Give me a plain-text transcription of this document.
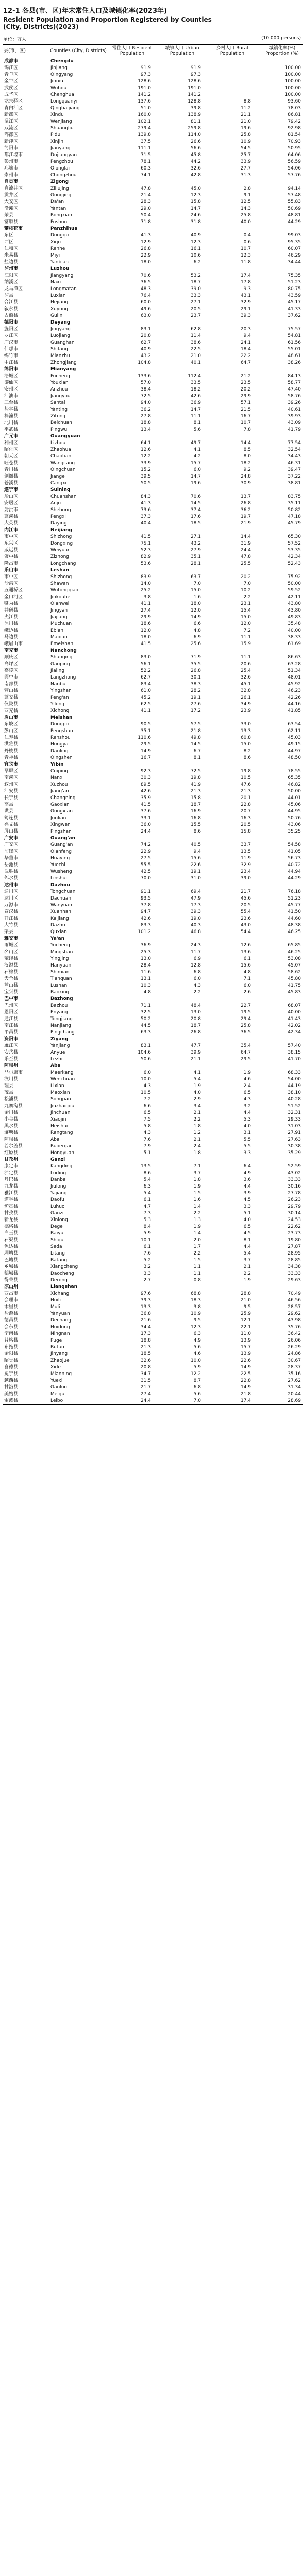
12-1 各县(市、区)年末常住人口及城镇化率(2023年)
Resident Population and Proportion Registered by Counties
(City, Districts)(2023)
单位：万人	(10 000 persons)
县(市、区)	Counties (City, Districts)	常住人口 Resident Population	城镇人口 Urban Population	乡村人口 Rural Population	城镇化率(%) Proportion (%)
成都市	Chengdu				
锦江区	Jinjiang	91.9	91.9		100.00
青羊区	Qingyang	97.3	97.3		100.00
金牛区	Jinniu	128.6	128.6		100.00
武侯区	Wuhou	191.0	191.0		100.00
成华区	Chenghua	141.2	141.2		100.00
龙泉驿区	Longquanyi	137.6	128.8	8.8	93.60
青白江区	Qingbaijiang	51.0	39.8	11.2	78.03
新都区	Xindu	160.0	138.9	21.1	86.81
温江区	Wenjiang	102.1	81.1	21.0	79.42
双流区	Shuangliu	279.4	259.8	19.6	92.98
郫都区	Pidu	139.8	114.0	25.8	81.54
新津区	Xinjin	37.5	26.6	10.9	70.93
简阳市	Jianyang	111.1	56.6	54.5	50.95
都江堰市	Dujiangyan	71.5	45.8	25.7	64.06
彭州市	Pengzhou	78.1	44.2	33.9	56.59
邛崃市	Qionglai	60.3	32.6	27.7	54.06
崇州市	Chongzhou	74.1	42.8	31.3	57.76
自贡市	Zigong				
自流井区	Ziliujing	47.8	45.0	2.8	94.14
贡井区	Gongjing	21.4	12.3	9.1	57.48
大安区	Da'an	28.3	15.8	12.5	55.83
沿滩区	Yantan	29.0	14.7	14.3	50.69
荣县	Rongxian	50.4	24.6	25.8	48.81
富顺县	Fushun	71.8	31.8	40.0	44.29
攀枝花市	Panzhihua				
东区	Dongqu	41.3	40.9	0.4	99.03
西区	Xiqu	12.9	12.3	0.6	95.35
仁和区	Renhe	26.8	16.1	10.7	60.07
米易县	Miyi	22.9	10.6	12.3	46.29
盐边县	Yanbian	18.0	6.2	11.8	34.44
泸州市	Luzhou				
江阳区	Jiangyang	70.6	53.2	17.4	75.35
纳溪区	Naxi	36.5	18.7	17.8	51.23
龙马潭区	Longmatan	48.3	39.0	9.3	80.75
泸县	Luxian	76.4	33.3	43.1	43.59
合江县	Hejiang	60.0	27.1	32.9	45.17
叙永县	Xuyong	49.6	20.5	29.1	41.33
古蔺县	Gulin	63.0	23.7	39.3	37.62
德阳市	Deyang				
旌阳区	Jingyang	83.1	62.8	20.3	75.57
罗江区	Luojiang	20.8	11.4	9.4	54.81
广汉市	Guanghan	62.7	38.6	24.1	61.56
什邡市	Shifang	40.9	22.5	18.4	55.01
绵竹市	Mianzhu	43.2	21.0	22.2	48.61
中江县	Zhongjiang	104.8	40.1	64.7	38.26
绵阳市	Mianyang				
涪城区	Fucheng	133.6	112.4	21.2	84.13
游仙区	Youxian	57.0	33.5	23.5	58.77
安州区	Anzhou	38.4	18.2	20.2	47.40
江油市	Jiangyou	72.5	42.6	29.9	58.76
三台县	Santai	94.0	36.9	57.1	39.26
盐亭县	Yanting	36.2	14.7	21.5	40.61
梓潼县	Zitong	27.8	11.1	16.7	39.93
北川县	Beichuan	18.8	8.1	10.7	43.09
平武县	Pingwu	13.4	5.6	7.8	41.79
广元市	Guangyuan				
利州区	Lizhou	64.1	49.7	14.4	77.54
昭化区	Zhaohua	12.6	4.1	8.5	32.54
朝天区	Chaotian	12.2	4.2	8.0	34.43
旺苍县	Wangcang	33.9	15.7	18.2	46.31
青川县	Qingchuan	15.2	6.0	9.2	39.47
剑阁县	Jiange	39.5	14.7	24.8	37.22
苍溪县	Cangxi	50.5	19.6	30.9	38.81
遂宁市	Suining				
船山区	Chuanshan	84.3	70.6	13.7	83.75
安居区	Anju	41.3	14.5	26.8	35.11
射洪市	Shehong	73.6	37.4	36.2	50.82
蓬溪县	Pengxi	37.3	17.6	19.7	47.18
大英县	Daying	40.4	18.5	21.9	45.79
内江市	Neijiang				
市中区	Shizhong	41.5	27.1	14.4	65.30
东兴区	Dongxing	75.1	43.2	31.9	57.52
威远县	Weiyuan	52.3	27.9	24.4	53.35
资中县	Zizhong	82.9	35.1	47.8	42.34
隆昌市	Longchang	53.6	28.1	25.5	52.43
乐山市	Leshan				
市中区	Shizhong	83.9	63.7	20.2	75.92
沙湾区	Shawan	14.0	7.0	7.0	50.00
五通桥区	Wutongqiao	25.2	15.0	10.2	59.52
金口河区	Jinkouhe	3.8	1.6	2.2	42.11
犍为县	Qianwei	41.1	18.0	23.1	43.80
井研县	Jingyan	27.4	12.0	15.4	43.80
夹江县	Jiajiang	29.9	14.9	15.0	49.83
沐川县	Muchuan	18.6	6.6	12.0	35.48
峨边县	Ebian	12.0	4.8	7.2	40.00
马边县	Mabian	18.0	6.9	11.1	38.33
峨眉山市	Emeishan	41.5	25.6	15.9	61.69
南充市	Nanchong				
顺庆区	Shunqing	83.0	71.9	11.1	86.63
高坪区	Gaoping	56.1	35.5	20.6	63.28
嘉陵区	Jialing	52.2	26.8	25.4	51.34
阆中市	Langzhong	62.7	30.1	32.6	48.01
南部县	Nanbu	83.4	38.3	45.1	45.92
营山县	Yingshan	61.0	28.2	32.8	46.23
蓬安县	Peng'an	45.2	19.1	26.1	42.26
仪陇县	Yilong	62.5	27.6	34.9	44.16
西充县	Xichong	41.1	17.2	23.9	41.85
眉山市	Meishan				
东坡区	Dongpo	90.5	57.5	33.0	63.54
彭山区	Pengshan	35.1	21.8	13.3	62.11
仁寿县	Renshou	110.6	49.8	60.8	45.03
洪雅县	Hongya	29.5	14.5	15.0	49.15
丹棱县	Danling	14.9	6.7	8.2	44.97
青神县	Qingshen	16.7	8.1	8.6	48.50
宜宾市	Yibin				
翠屏区	Cuiping	92.3	72.5	19.8	78.55
南溪区	Nanxi	30.3	19.8	10.5	65.35
叙州区	Xuzhou	89.5	41.9	47.6	46.82
江安县	Jiang'an	42.6	21.3	21.3	50.00
长宁县	Changning	35.9	15.8	20.1	44.01
高县	Gaoxian	41.5	18.7	22.8	45.06
珙县	Gongxian	37.6	16.9	20.7	44.95
筠连县	Junlian	33.1	16.8	16.3	50.76
兴文县	Xingwen	36.0	15.5	20.5	43.06
屏山县	Pingshan	24.4	8.6	15.8	35.25
广安市	Guang'an				
广安区	Guang'an	74.2	40.5	33.7	54.58
前锋区	Qianfeng	22.9	9.4	13.5	41.05
华蓥市	Huaying	27.5	15.6	11.9	56.73
岳池县	Yuechi	55.5	22.6	32.9	40.72
武胜县	Wusheng	42.5	19.1	23.4	44.94
邻水县	Linshui	70.0	31.0	39.0	44.29
达州市	Dazhou				
通川区	Tongchuan	91.1	69.4	21.7	76.18
达川区	Dachuan	93.5	47.9	45.6	51.23
万源市	Wanyuan	37.8	17.3	20.5	45.77
宣汉县	Xuanhan	94.7	39.3	55.4	41.50
开江县	Kaijiang	42.6	19.0	23.6	44.60
大竹县	Dazhu	83.3	40.3	43.0	48.38
渠县	Quxian	101.2	46.8	54.4	46.25
雅安市	Ya'an				
雨城区	Yucheng	36.9	24.3	12.6	65.85
名山区	Mingshan	25.3	11.7	13.6	46.25
荥经县	Yingjing	13.0	6.9	6.1	53.08
汉源县	Hanyuan	28.4	12.8	15.6	45.07
石棉县	Shimian	11.6	6.8	4.8	58.62
天全县	Tianquan	13.1	6.0	7.1	45.80
芦山县	Lushan	10.3	4.3	6.0	41.75
宝兴县	Baoxing	4.8	2.2	2.6	45.83
巴中市	Bazhong				
巴州区	Bazhou	71.1	48.4	22.7	68.07
恩阳区	Enyang	32.5	13.0	19.5	40.00
通江县	Tongjiang	50.2	20.8	29.4	41.43
南江县	Nanjiang	44.5	18.7	25.8	42.02
平昌县	Pingchang	63.3	26.8	36.5	42.34
资阳市	Ziyang				
雁江区	Yanjiang	83.1	47.7	35.4	57.40
安岳县	Anyue	104.6	39.9	64.7	38.15
乐至县	Lezhi	50.6	21.1	29.5	41.70
阿坝州	Aba				
马尔康市	Maerkang	6.0	4.1	1.9	68.33
汶川县	Wenchuan	10.0	5.4	4.6	54.00
理县	Lixian	4.3	1.9	2.4	44.19
茂县	Maoxian	10.5	4.0	6.5	38.10
松潘县	Songpan	7.2	2.9	4.3	40.28
九寨沟县	Jiuzhaigou	6.6	3.4	3.2	51.52
金川县	Jinchuan	6.5	2.1	4.4	32.31
小金县	Xiaojin	7.5	2.2	5.3	29.33
黑水县	Heishui	5.8	1.8	4.0	31.03
壤塘县	Rangtang	4.3	1.2	3.1	27.91
阿坝县	Aba	7.6	2.1	5.5	27.63
若尔盖县	Ruoergai	7.9	2.4	5.5	30.38
红原县	Hongyuan	5.1	1.8	3.3	35.29
甘孜州	Ganzi				
康定市	Kangding	13.5	7.1	6.4	52.59
泸定县	Luding	8.6	3.7	4.9	43.02
丹巴县	Danba	5.4	1.8	3.6	33.33
九龙县	Jiulong	6.3	1.9	4.4	30.16
雅江县	Yajiang	5.4	1.5	3.9	27.78
道孚县	Daofu	6.1	1.6	4.5	26.23
炉霍县	Luhuo	4.7	1.4	3.3	29.79
甘孜县	Ganzi	7.3	2.2	5.1	30.14
新龙县	Xinlong	5.3	1.3	4.0	24.53
德格县	Dege	8.4	1.9	6.5	22.62
白玉县	Baiyu	5.9	1.4	4.5	23.73
石渠县	Shiqu	10.1	2.0	8.1	19.80
色达县	Seda	6.1	1.7	4.4	27.87
理塘县	Litang	7.6	2.2	5.4	28.95
巴塘县	Batang	5.2	1.5	3.7	28.85
乡城县	Xiangcheng	3.2	1.1	2.1	34.38
稻城县	Daocheng	3.3	1.1	2.2	33.33
得荣县	Derong	2.7	0.8	1.9	29.63
凉山州	Liangshan				
西昌市	Xichang	97.6	68.8	28.8	70.49
会理市	Huili	39.3	18.3	21.0	46.56
木里县	Muli	13.3	3.8	9.5	28.57
盐源县	Yanyuan	36.8	10.9	25.9	29.62
德昌县	Dechang	21.6	9.5	12.1	43.98
会东县	Huidong	34.4	12.3	22.1	35.76
宁南县	Ningnan	17.3	6.3	11.0	36.42
普格县	Puge	18.8	4.9	13.9	26.06
布拖县	Butuo	21.3	5.6	15.7	26.29
金阳县	Jinyang	18.5	4.6	13.9	24.86
昭觉县	Zhaojue	32.6	10.0	22.6	30.67
喜德县	Xide	20.8	5.9	14.9	28.37
冕宁县	Mianning	34.7	12.2	22.5	35.16
越西县	Yuexi	31.5	8.7	22.8	27.62
甘洛县	Ganluo	21.7	6.8	14.9	31.34
美姑县	Meigu	27.4	5.6	21.8	20.44
雷波县	Leibo	24.4	7.0	17.4	28.69
